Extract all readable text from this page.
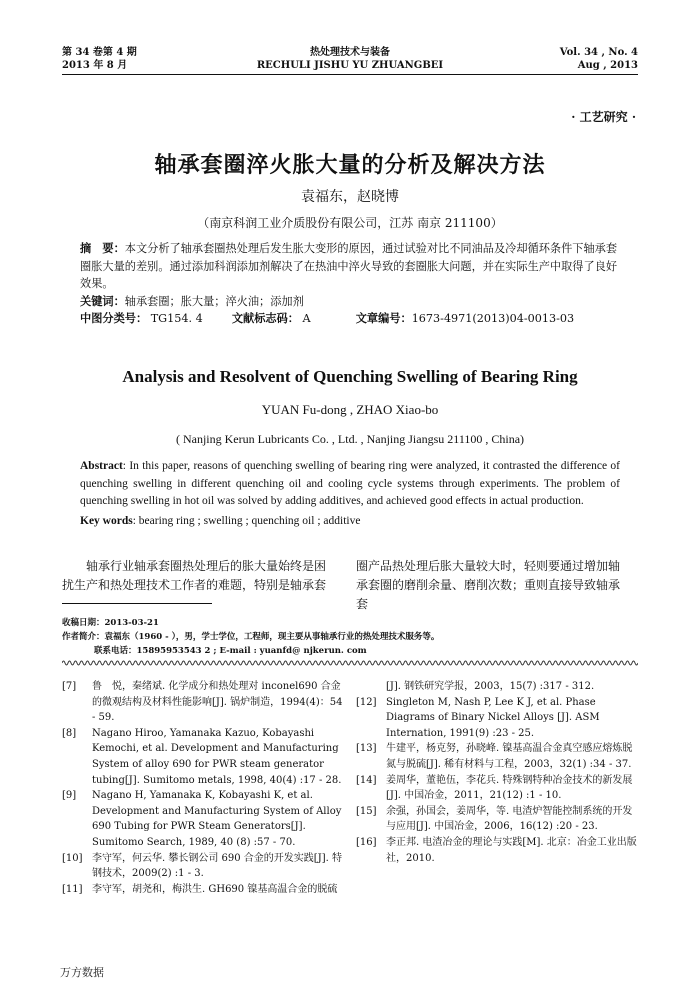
第 34 卷第 4 期
2013 年 8 月
热处理技术与装备
RECHULI JISHU YU ZHUANGBEI
Vol. 34 , No. 4
Aug , 2013
· 工艺研究 ·
轴承套圈淬火胀大量的分析及解决方法
袁福东，赵晓博
（南京科润工业介质股份有限公司，江苏 南京 211100）
摘　要：本文分析了轴承套圈热处理后发生胀大变形的原因，通过试验对比不同油品及冷却循环条件下轴承套圈胀大量的差别。通过添加科润添加剂解决了在热油中淬火导致的套圈胀大问题，并在实际生产中取得了良好效果。
关键词：轴承套圈；胀大量；淬火油；添加剂
中图分类号： TG154. 4	文献标志码： A	文章编号：1673-4971(2013)04-0013-03
Analysis and Resolvent of Quenching Swelling of Bearing Ring
YUAN Fu-dong , ZHAO Xiao-bo
( Nanjing Kerun Lubricants Co. , Ltd. , Nanjing Jiangsu 211100 , China)
Abstract: In this paper, reasons of quenching swelling of bearing ring were analyzed, it contrasted the difference of quenching swelling in different quenching oil and cooling cycle systems through experiments. The problem of quenching swelling in hot oil was solved by adding additives, and achieved good effects in actual production.
Key words: bearing ring ; swelling ; quenching oil ; additive
轴承行业轴承套圈热处理后的胀大量始终是困扰生产和热处理技术工作者的难题，特别是轴承套
圈产品热处理后胀大量较大时，轻则要通过增加轴承套圈的磨削余量、磨削次数；重则直接导致轴承套
收稿日期：2013-03-21
作者简介：袁福东（1960 - ），男，学士学位，工程师，现主要从事轴承行业的热处理技术服务等。
联系电话：15895953543 2 ; E-mail : yuanfd@ njkerun. com
[7]	鲁　悦，秦绪斌. 化学成分和热处理对 inconel690 合金的微观结构及材料性能影响[J]. 锅炉制造，1994(4)：54 - 59.
[8]	Nagano Hiroo, Yamanaka Kazuo, Kobayashi Kemochi, et al. Development and Manufacturing System of alloy 690 for PWR steam generator tubing[J]. Sumitomo metals, 1998, 40(4) :17 - 28.
[9]	Nagano H, Yamanaka K, Kobayashi K, et al. Development and Manufacturing System of Alloy 690 Tubing for PWR Steam Generators[J]. Sumitomo Search, 1989, 40 (8) :57 - 70.
[10] 李守军，何云华. 攀长钢公司 690 合金的开发实践[J]. 特钢技术，2009(2) :1 - 3.
[11] 李守军，胡尧和，梅洪生. GH690 镍基高温合金的脱硫
[J]. 钢铁研究学报，2003，15(7) :317 - 312.
[12] Singleton M, Nash P, Lee K J, et al. Phase Diagrams of Binary Nickel Alloys [J]. ASM Internation, 1991(9) :23 - 25.
[13] 牛建平，杨克努，孙晓峰. 镍基高温合金真空感应熔炼脱氮与脱硫[J]. 稀有材料与工程，2003，32(1) :34 - 37.
[14] 姜周华，董艳伍，李花兵. 特殊钢特种冶金技术的新发展[J]. 中国冶金，2011，21(12) :1 - 10.
[15] 余强，孙国会，姜周华，等. 电渣炉智能控制系统的开发与应用[J]. 中国冶金，2006，16(12) :20 - 23.
[16] 李正邦. 电渣冶金的理论与实践[M]. 北京：冶金工业出版社，2010.
万方数据
